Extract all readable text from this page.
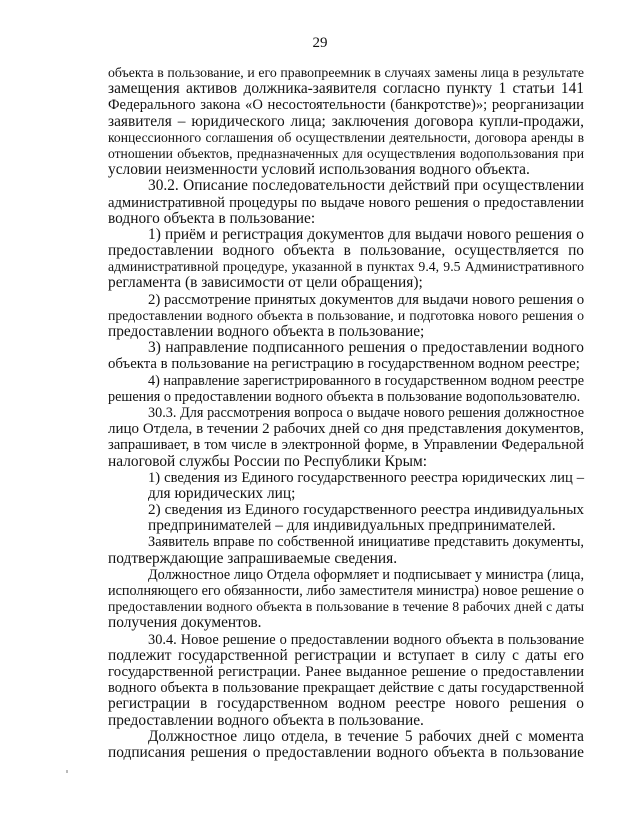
29
объекта в пользование, и его правопреемник в случаях замены лица в результате
замещения активов должника-заявителя согласно пункту 1 статьи 141
Федерального закона «О несостоятельности (банкротстве)»; реорганизации
заявителя – юридического лица; заключения договора купли-продажи,
концессионного соглашения об осуществлении деятельности, договора аренды в
отношении объектов, предназначенных для осуществления водопользования при
условии неизменности условий использования водного объекта.
30.2. Описание последовательности действий при осуществлении
административной процедуры по выдаче нового решения о предоставлении
водного объекта в пользование:
1) приём и регистрация документов для выдачи нового решения о
предоставлении водного объекта в пользование, осуществляется по
административной процедуре, указанной в пунктах 9.4, 9.5 Административного
регламента (в зависимости от цели обращения);
2) рассмотрение принятых документов для выдачи нового решения о
предоставлении водного объекта в пользование, и подготовка нового решения о
предоставлении водного объекта в пользование;
3) направление подписанного решения о предоставлении водного
объекта в пользование на регистрацию в государственном водном реестре;
4) направление зарегистрированного в государственном водном реестре
решения о предоставлении водного объекта в пользование водопользователю.
30.3. Для рассмотрения вопроса о выдаче нового решения должностное
лицо Отдела, в течении 2 рабочих дней со дня представления документов,
запрашивает, в том числе в электронной форме, в Управлении Федеральной
налоговой службы России по Республики Крым:
1) сведения из Единого государственного реестра юридических лиц –
для юридических лиц;
2) сведения из Единого государственного реестра индивидуальных
предпринимателей – для индивидуальных предпринимателей.
Заявитель вправе по собственной инициативе представить документы,
подтверждающие запрашиваемые сведения.
Должностное лицо Отдела оформляет и подписывает у министра (лица,
исполняющего его обязанности, либо заместителя министра) новое решение о
предоставлении водного объекта в пользование в течение 8 рабочих дней с даты
получения документов.
30.4. Новое решение о предоставлении водного объекта в пользование
подлежит государственной регистрации и вступает в силу с даты его
государственной регистрации. Ранее выданное решение о предоставлении
водного объекта в пользование прекращает действие с даты государственной
регистрации в государственном водном реестре нового решения о
предоставлении водного объекта в пользование.
Должностное лицо отдела, в течение 5 рабочих дней с момента
подписания решения о предоставлении водного объекта в пользование
